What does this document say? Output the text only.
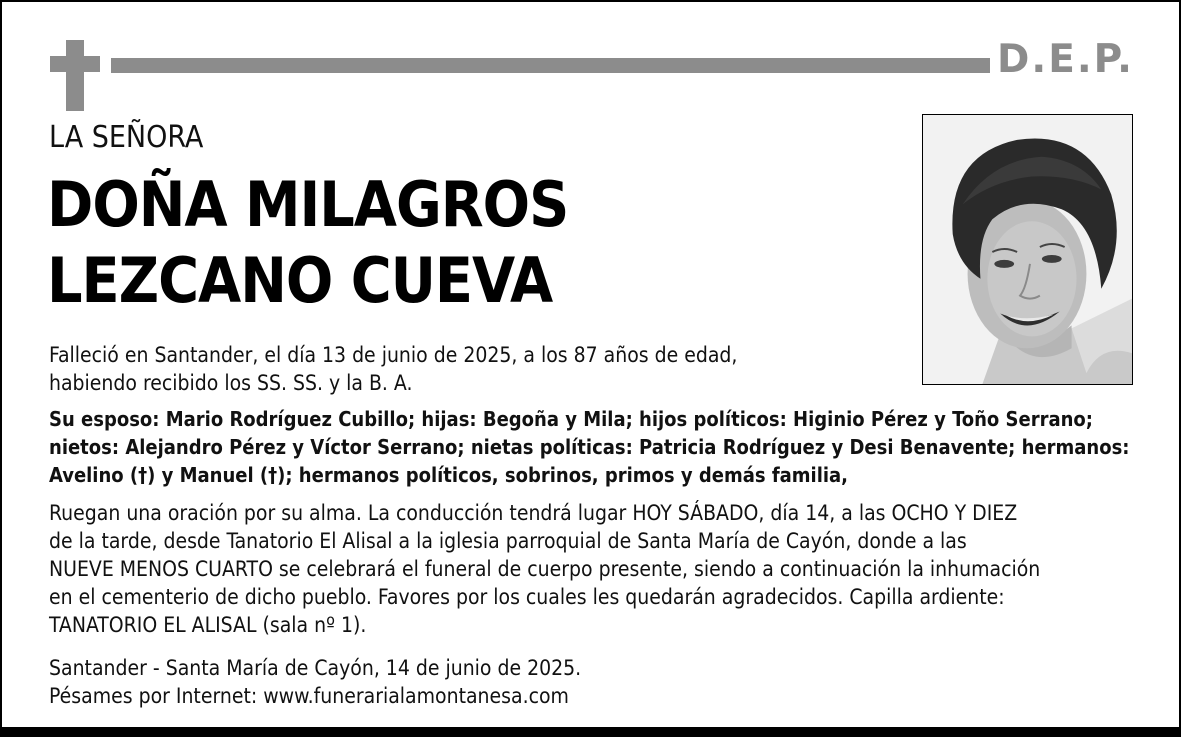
D.E.P.
LA SEÑORA
DOÑA MILAGROS
LEZCANO CUEVA
Falleció en Santander, el día 13 de junio de 2025, a los 87 años de edad,
habiendo recibido los SS. SS. y la B. A.
Su esposo: Mario Rodríguez Cubillo; hijas: Begoña y Mila; hijos políticos: Higinio Pérez y Toño Serrano;
nietos: Alejandro Pérez y Víctor Serrano; nietas políticas: Patricia Rodríguez y Desi Benavente; hermanos:
Avelino (†) y Manuel (†); hermanos políticos, sobrinos, primos y demás familia,
Ruegan una oración por su alma. La conducción tendrá lugar HOY SÁBADO, día 14, a las OCHO Y DIEZ
de la tarde, desde Tanatorio El Alisal a la iglesia parroquial de Santa María de Cayón, donde a las
NUEVE MENOS CUARTO se celebrará el funeral de cuerpo presente, siendo a continuación la inhumación
en el cementerio de dicho pueblo. Favores por los cuales les quedarán agradecidos. Capilla ardiente:
TANATORIO EL ALISAL (sala nº 1).
Santander - Santa María de Cayón, 14 de junio de 2025.
Pésames por Internet: www.funerarialamontanesa.com
